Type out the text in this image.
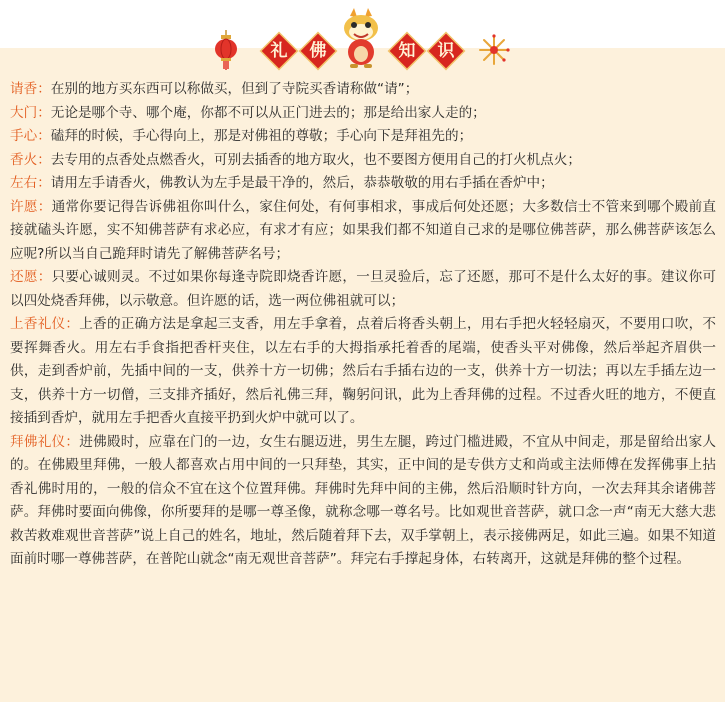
礼	佛	知	识

请香：在别的地方买东西可以称做买，但到了寺院买香请称做“请”；

大门：无论是哪个寺、哪个庵，你都不可以从正门进去的；那是给出家人走的；

手心：磕拜的时候，手心得向上，那是对佛祖的尊敬；手心向下是拜祖先的；

香火：去专用的点香处点燃香火，可别去插香的地方取火，也不要图方便用自己的打火机点火；

左右：请用左手请香火，佛教认为左手是最干净的，然后，恭恭敬敬的用右手插在香炉中；

许愿：通常你要记得告诉佛祖你叫什么，家住何处，有何事相求，事成后何处还愿；大多数信士不管来到哪个殿前直接就磕头许愿，实不知佛菩萨有求必应，有求才有应；如果我们都不知道自己求的是哪位佛菩萨，那么佛菩萨该怎么应呢?所以当自己跪拜时请先了解佛菩萨名号；

还愿：只要心诚则灵。不过如果你每逢寺院即烧香许愿，一旦灵验后，忘了还愿，那可不是什么太好的事。建议你可以四处烧香拜佛，以示敬意。但许愿的话，选一两位佛祖就可以；

上香礼仪：上香的正确方法是拿起三支香，用左手拿着，点着后将香头朝上，用右手把火轻轻扇灭，不要用口吹，不要挥舞香火。用左右手食指把香杆夹住，以左右手的大拇指承托着香的尾端，使香头平对佛像，然后举起齐眉供一供，走到香炉前，先插中间的一支，供养十方一切佛；然后右手插右边的一支，供养十方一切法；再以左手插左边一支，供养十方一切僧，三支排齐插好，然后礼佛三拜，鞠躬问讯，此为上香拜佛的过程。不过香火旺的地方，不便直接插到香炉，就用左手把香火直接平扔到火炉中就可以了。

拜佛礼仪：进佛殿时，应靠在门的一边，女生右腿迈进，男生左腿，跨过门槛进殿，不宜从中间走，那是留给出家人的。在佛殿里拜佛，一般人都喜欢占用中间的一只拜垫，其实，正中间的是专供方丈和尚或主法师傅在发挥佛事上拈香礼佛时用的，一般的信众不宜在这个位置拜佛。拜佛时先拜中间的主佛，然后沿顺时针方向，一次去拜其余诸佛菩萨。拜佛时要面向佛像，你所要拜的是哪一尊圣像，就称念哪一尊名号。比如观世音菩萨，就口念一声“南无大慈大悲救苦救难观世音菩萨”说上自己的姓名，地址，然后随着拜下去，双手掌朝上，表示接佛两足，如此三遍。如果不知道面前时哪一尊佛菩萨，在普陀山就念“南无观世音菩萨”。拜完右手撑起身体，右转离开，这就是拜佛的整个过程。
